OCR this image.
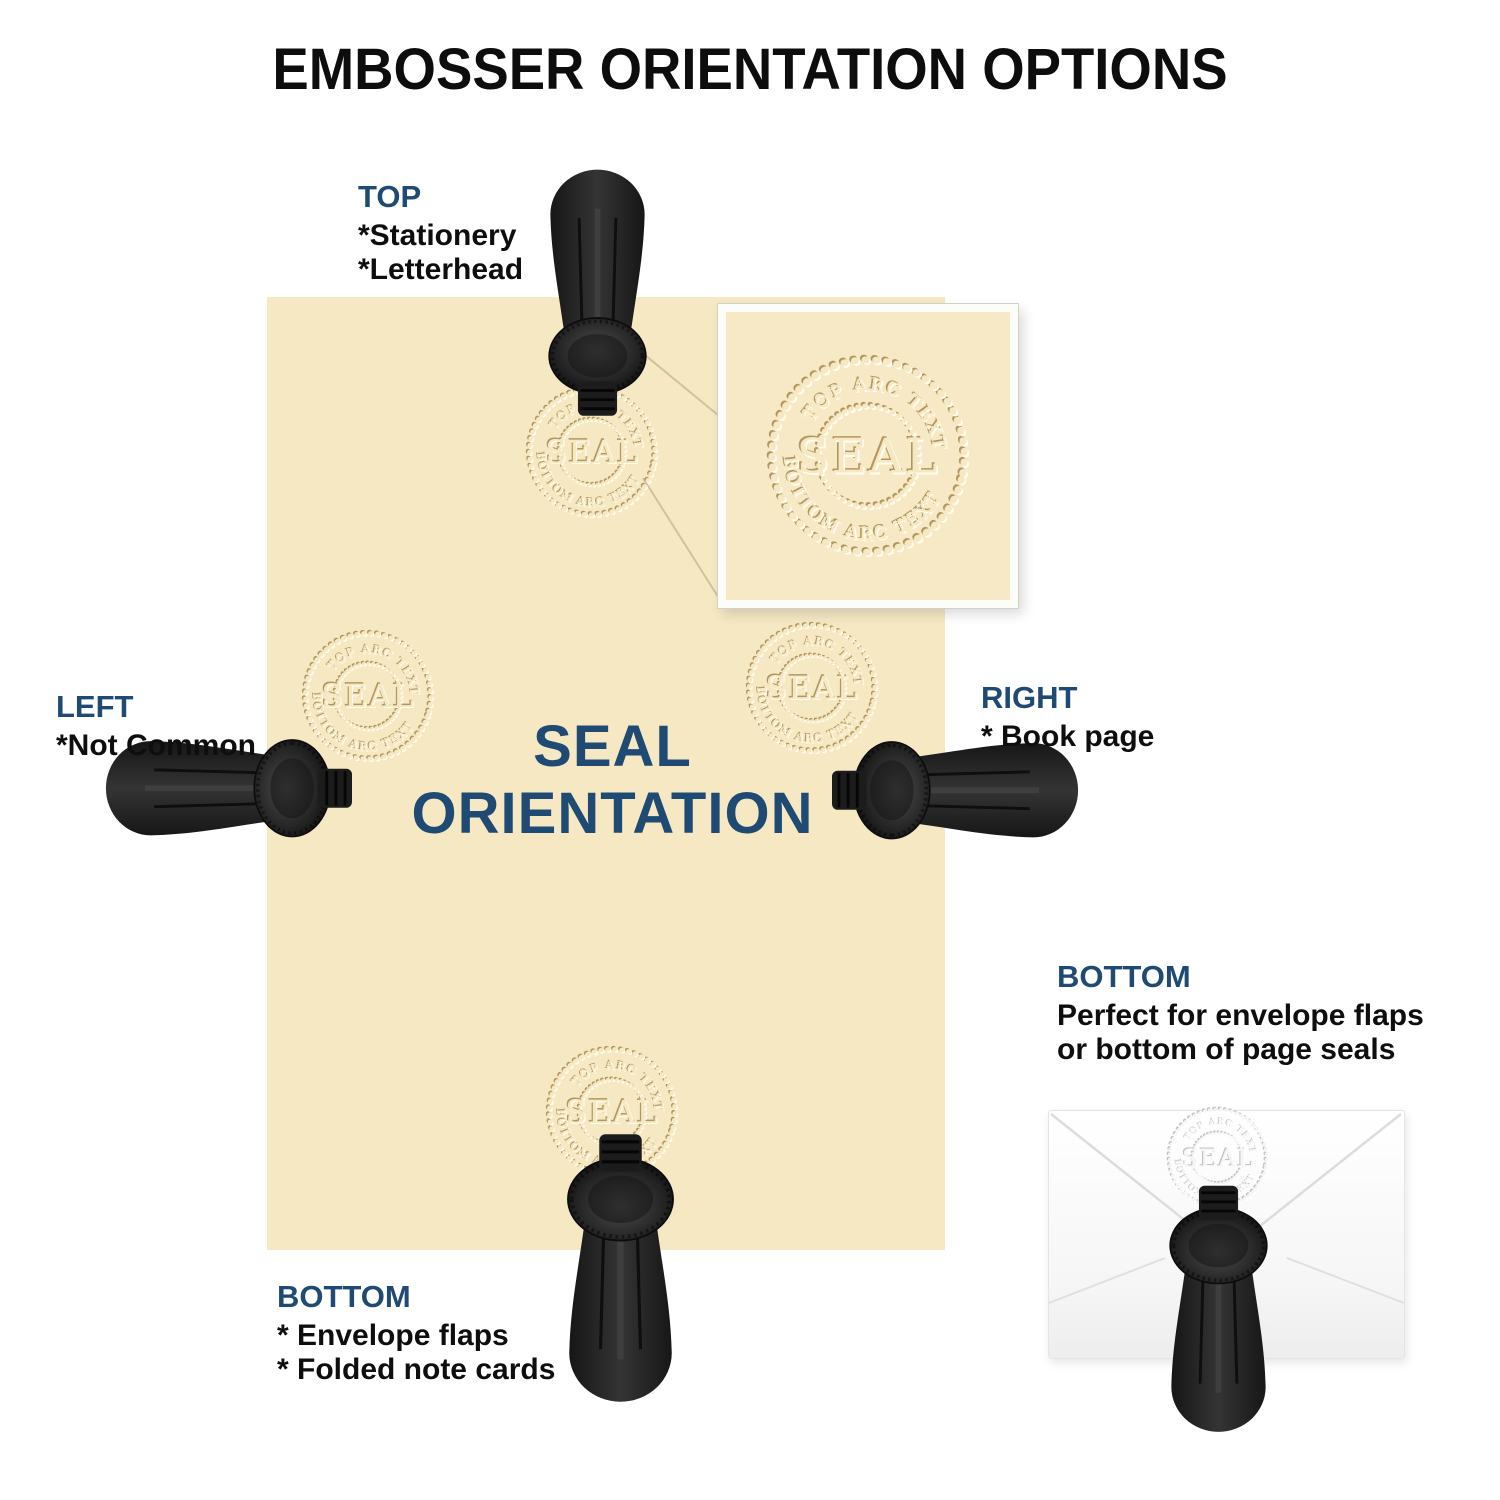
EMBOSSER ORIENTATION OPTIONS
TOP
*Stationery
*Letterhead
LEFT
*Not Common
RIGHT
* Book page
BOTTOM
* Envelope flaps
* Folded note cards
BOTTOM
Perfect for envelope flaps
or bottom of page seals
SEAL
ORIENTATION
